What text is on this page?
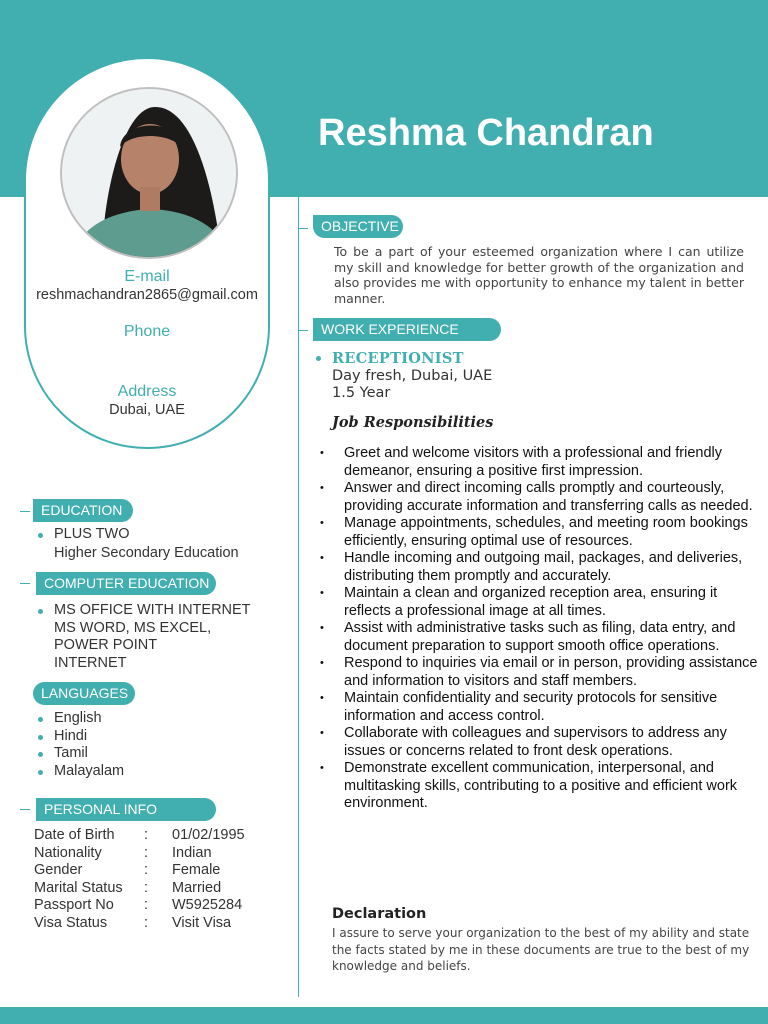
Reshma Chandran
E-mail
reshmachandran2865@gmail.com
Phone
Address
Dubai, UAE
EDUCATION
PLUS TWO
Higher Secondary Education
COMPUTER EDUCATION
MS OFFICE WITH INTERNET
MS WORD, MS EXCEL,
POWER POINT
INTERNET
LANGUAGES
English
Hindi
Tamil
Malayalam
PERSONAL INFO
Date of Birth	:	01/02/1995
Nationality	:	Indian
Gender	:	Female
Marital Status	:	Married
Passport No	:	W5925284
Visa Status	:	Visit Visa
OBJECTIVE

To be a part of your esteemed organization where I can utilize my skill and knowledge for better growth of the organization and also provides me with opportunity to enhance my talent in better manner.

WORK EXPERIENCE
RECEPTIONIST
Day fresh, Dubai, UAE
1.5 Year
Job Responsibilities
• Greet and welcome visitors with a professional and friendly demeanor, ensuring a positive first impression.
• Answer and direct incoming calls promptly and courteously, providing accurate information and transferring calls as needed.
• Manage appointments, schedules, and meeting room bookings efficiently, ensuring optimal use of resources.
• Handle incoming and outgoing mail, packages, and deliveries, distributing them promptly and accurately.
• Maintain a clean and organized reception area, ensuring it reflects a professional image at all times.
• Assist with administrative tasks such as filing, data entry, and document preparation to support smooth office operations.
• Respond to inquiries via email or in person, providing assistance and information to visitors and staff members.
• Maintain confidentiality and security protocols for sensitive information and access control.
• Collaborate with colleagues and supervisors to address any issues or concerns related to front desk operations.
• Demonstrate excellent communication, interpersonal, and multitasking skills, contributing to a positive and efficient work environment.
Declaration

I assure to serve your organization to the best of my ability and state the facts stated by me in these documents are true to the best of my knowledge and beliefs.
